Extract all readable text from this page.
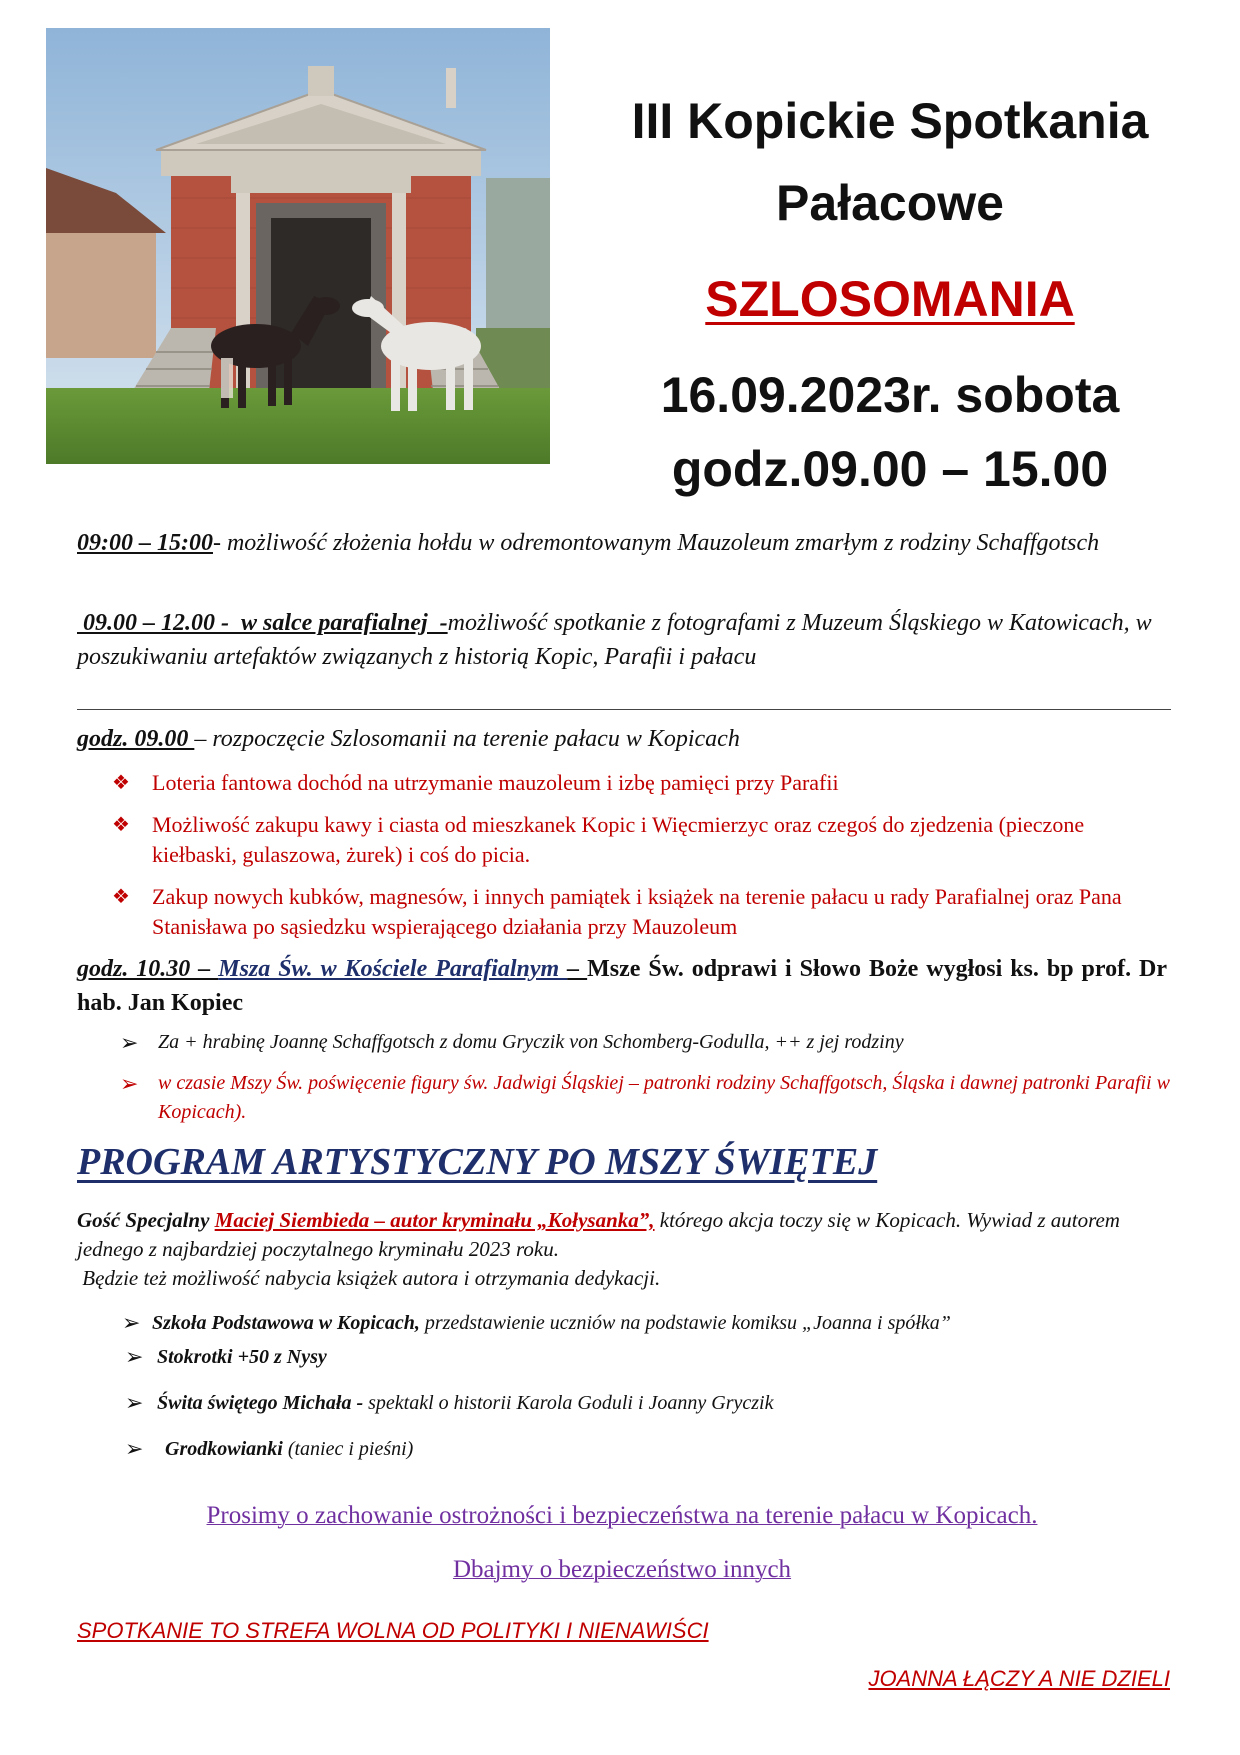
III Kopickie Spotkania
Pałacowe
SZLOSOMANIA
16.09.2023r. sobota
godz.09.00 – 15.00
09:00 – 15:00- możliwość złożenia hołdu w odremontowanym Mauzoleum zmarłym z rodziny Schaffgotsch
09.00 – 12.00 -  w salce parafialnej  -możliwość spotkanie z fotografami z Muzeum Śląskiego w Katowicach, w poszukiwaniu artefaktów związanych z historią Kopic, Parafii i pałacu
godz. 09.00 – rozpoczęcie Szlosomanii na terenie pałacu w Kopicach
❖ Loteria fantowa dochód na utrzymanie mauzoleum i izbę pamięci przy Parafii
❖ Możliwość zakupu kawy i ciasta od mieszkanek Kopic i Więcmierzyc oraz czegoś do zjedzenia (pieczone kiełbaski, gulaszowa, żurek) i coś do picia.
❖ Zakup nowych kubków, magnesów, i innych pamiątek i książek na terenie pałacu u rady Parafialnej oraz Pana Stanisława po sąsiedzku wspierającego działania przy Mauzoleum
godz. 10.30 – Msza Św. w Kościele Parafialnym – Msze Św. odprawi i Słowo Boże wygłosi ks. bp prof. Dr hab. Jan Kopiec
➢ Za + hrabinę Joannę Schaffgotsch z domu Gryczik von Schomberg-Godulla, ++ z jej rodziny
➢ w czasie Mszy Św. poświęcenie figury św. Jadwigi Śląskiej – patronki rodziny Schaffgotsch, Śląska i dawnej patronki Parafii w Kopicach).
PROGRAM ARTYSTYCZNY PO MSZY ŚWIĘTEJ
Gość Specjalny Maciej Siembieda – autor kryminału „Kołysanka”, którego akcja toczy się w Kopicach. Wywiad z autorem jednego z najbardziej poczytalnego kryminału 2023 roku.
Będzie też możliwość nabycia książek autora i otrzymania dedykacji.
➢ Szkoła Podstawowa w Kopicach, przedstawienie uczniów na podstawie komiksu „Joanna i spółka”
➢ Stokrotki +50 z Nysy
➢ Świta świętego Michała - spektakl o historii Karola Goduli i Joanny Gryczik
➢ Grodkowianki (taniec i pieśni)
Prosimy o zachowanie ostrożności i bezpieczeństwa na terenie pałacu w Kopicach.
Dbajmy o bezpieczeństwo innych
SPOTKANIE TO STREFA WOLNA OD POLITYKI I NIENAWIŚCI
JOANNA ŁĄCZY A NIE DZIELI
